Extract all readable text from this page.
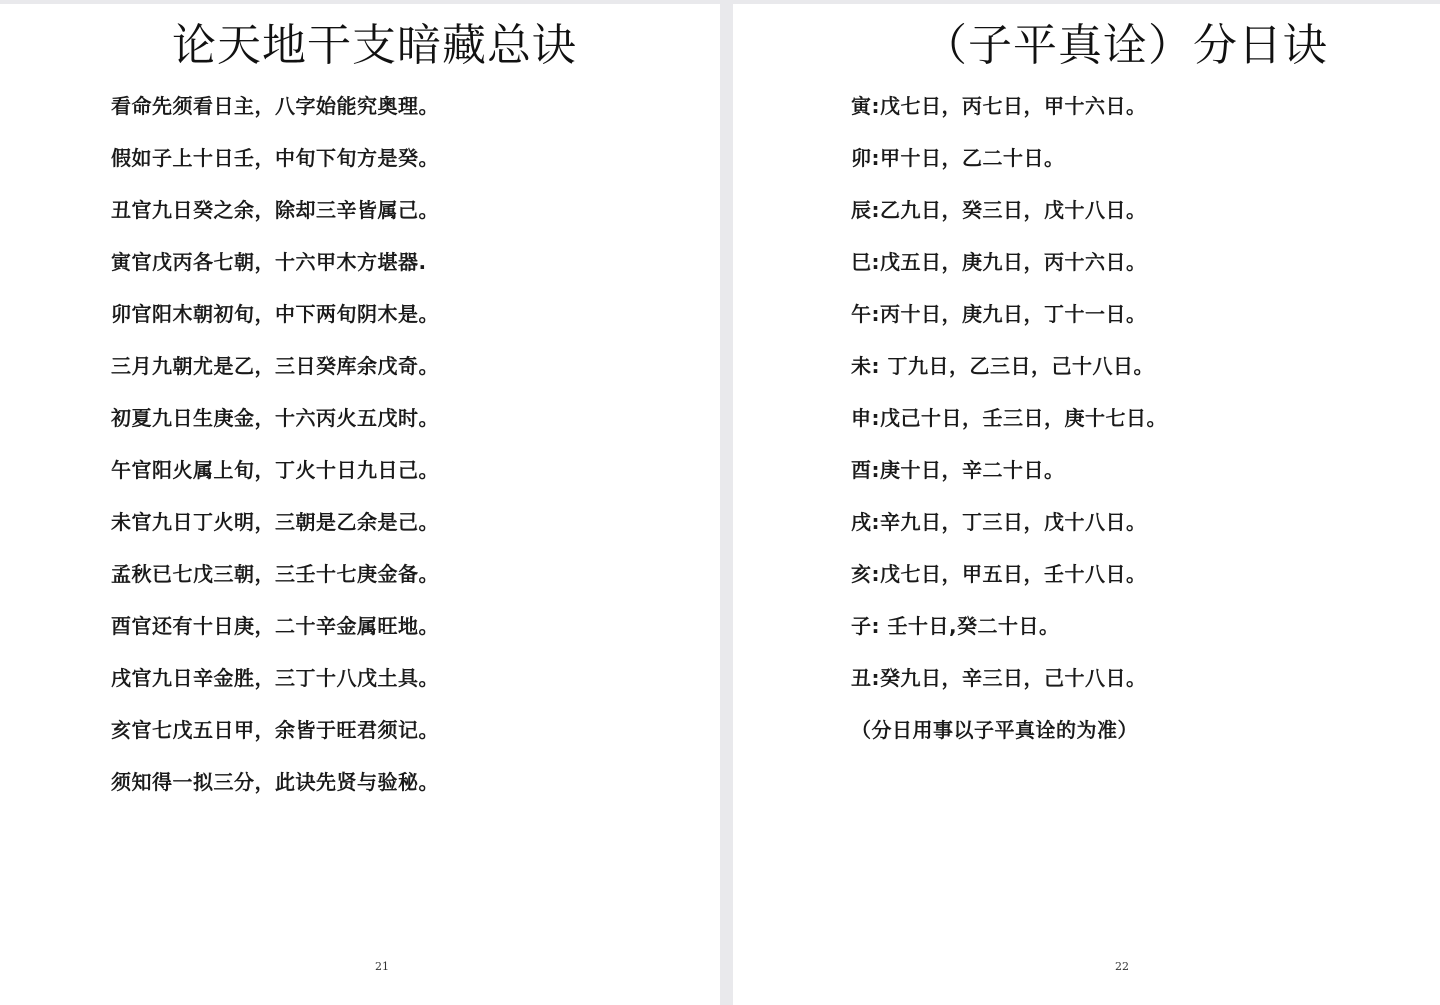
论天地干支暗藏总诀
看命先须看日主，八字始能究奥理。
假如子上十日壬，中旬下旬方是癸。
丑官九日癸之余，除却三辛皆属己。
寅官戊丙各七朝，十六甲木方堪器.
卯官阳木朝初旬，中下两旬阴木是。
三月九朝尤是乙，三日癸库余戊奇。
初夏九日生庚金，十六丙火五戊时。
午官阳火属上旬，丁火十日九日己。
未官九日丁火明，三朝是乙余是己。
孟秋已七戊三朝，三壬十七庚金备。
酉官还有十日庚，二十辛金属旺地。
戌官九日辛金胜，三丁十八戊土具。
亥官七戊五日甲，余皆于旺君须记。
须知得一拟三分，此诀先贤与验秘。
21
（子平真诠）分日诀
寅:戊七日，丙七日，甲十六日。
卯:甲十日，乙二十日。
辰:乙九日，癸三日，戊十八日。
巳:戊五日，庚九日，丙十六日。
午:丙十日，庚九日，丁十一日。
未: 丁九日，乙三日，己十八日。
申:戊己十日，壬三日，庚十七日。
酉:庚十日，辛二十日。
戌:辛九日，丁三日，戊十八日。
亥:戊七日，甲五日，壬十八日。
子: 壬十日,癸二十日。
丑:癸九日，辛三日，己十八日。
（分日用事以子平真诠的为准）
22
